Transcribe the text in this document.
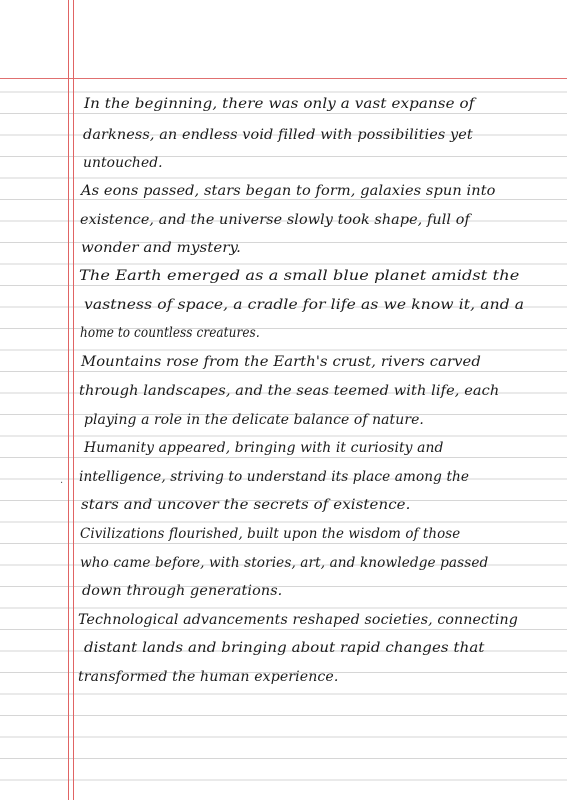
In the beginning, there was only a vast expanse of
darkness, an endless void filled with possibilities yet
untouched.
As eons passed, stars began to form, galaxies spun into
existence, and the universe slowly took shape, full of
wonder and mystery.
The Earth emerged as a small blue planet amidst the
vastness of space, a cradle for life as we know it, and a
home to countless creatures.
Mountains rose from the Earth's crust, rivers carved
through landscapes, and the seas teemed with life, each
playing a role in the delicate balance of nature.
Humanity appeared, bringing with it curiosity and
intelligence, striving to understand its place among the
stars and uncover the secrets of existence.
Civilizations flourished, built upon the wisdom of those
who came before, with stories, art, and knowledge passed
down through generations.
Technological advancements reshaped societies, connecting
distant lands and bringing about rapid changes that
transformed the human experience.
·
